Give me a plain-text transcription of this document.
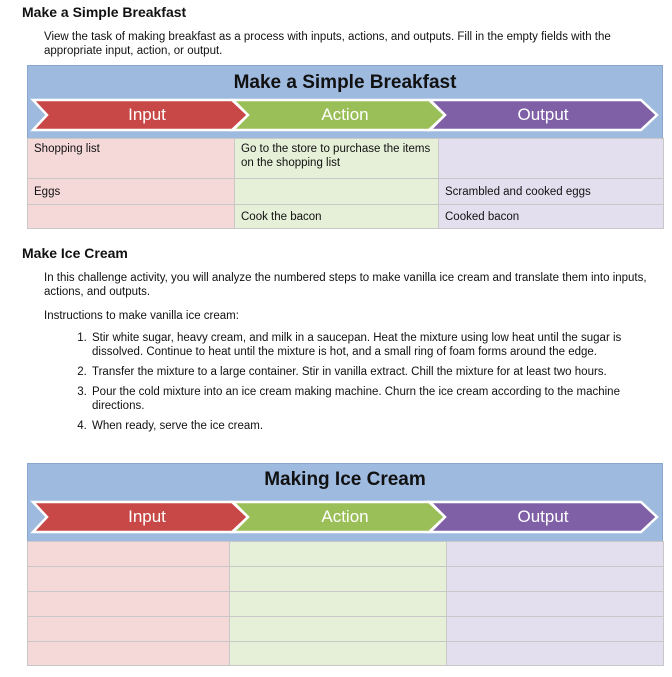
Make a Simple Breakfast
View the task of making breakfast as a process with inputs, actions, and outputs. Fill in the empty fields with the appropriate input, action, or output.
Make a Simple Breakfast
Input	Action	Output
Shopping list	Go to the store to purchase the items on the shopping list	
Eggs		Scrambled and cooked eggs
	Cook the bacon	Cooked bacon
Make Ice Cream
In this challenge activity, you will analyze the numbered steps to make vanilla ice cream and translate them into inputs, actions, and outputs.
Instructions to make vanilla ice cream:
1. Stir white sugar, heavy cream, and milk in a saucepan. Heat the mixture using low heat until the sugar is dissolved. Continue to heat until the mixture is hot, and a small ring of foam forms around the edge.
2. Transfer the mixture to a large container. Stir in vanilla extract. Chill the mixture for at least two hours.
3. Pour the cold mixture into an ice cream making machine. Churn the ice cream according to the machine directions.
4. When ready, serve the ice cream.
Making Ice Cream
Input	Action	Output
